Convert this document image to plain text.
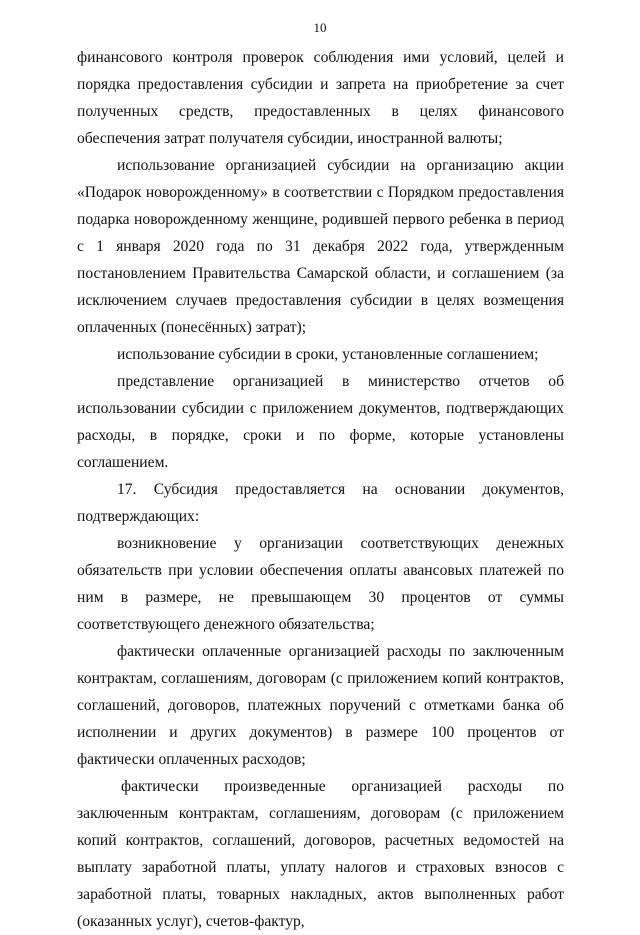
10

финансового контроля проверок соблюдения ими условий, целей и порядка предоставления субсидии и запрета на приобретение за счет полученных средств, предоставленных в целях финансового обеспечения затрат получателя субсидии, иностранной валюты;

использование организацией субсидии на организацию акции «Подарок новорожденному» в соответствии с Порядком предоставления подарка новорожденному женщине, родившей первого ребенка в период с 1 января 2020 года по 31 декабря 2022 года, утвержденным постановлением Правительства Самарской области, и соглашением (за исключением случаев предоставления субсидии в целях возмещения оплаченных (понесённых) затрат);

использование субсидии в сроки, установленные соглашением;

представление организацией в министерство отчетов об использовании субсидии с приложением документов, подтверждающих расходы, в порядке, сроки и по форме, которые установлены соглашением.

17. Субсидия предоставляется на основании документов, подтверждающих:

возникновение у организации соответствующих денежных обязательств при условии обеспечения оплаты авансовых платежей по ним в размере, не превышающем 30 процентов от суммы соответствующего денежного обязательства;

фактически оплаченные организацией расходы по заключенным контрактам, соглашениям, договорам (с приложением копий контрактов, соглашений, договоров, платежных поручений с отметками банка об исполнении и других документов) в размере 100 процентов от фактически оплаченных расходов;

фактически произведенные организацией расходы по заключенным контрактам, соглашениям, договорам (с приложением копий контрактов, соглашений, договоров, расчетных ведомостей на выплату заработной платы, уплату налогов и страховых взносов с заработной платы, товарных накладных, актов выполненных работ (оказанных услуг), счетов-фактур,
